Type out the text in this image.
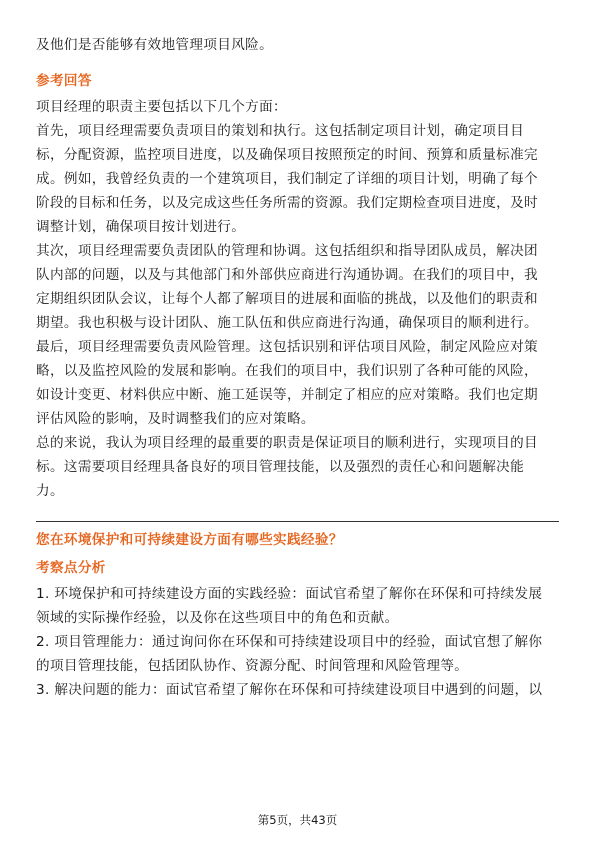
及他们是否能够有效地管理项目风险。

参考回答

项目经理的职责主要包括以下几个方面：

首先，项目经理需要负责项目的策划和执行。这包括制定项目计划，确定项目目

标，分配资源，监控项目进度，以及确保项目按照预定的时间、预算和质量标准完

成。例如，我曾经负责的一个建筑项目，我们制定了详细的项目计划，明确了每个

阶段的目标和任务，以及完成这些任务所需的资源。我们定期检查项目进度，及时

调整计划，确保项目按计划进行。

其次，项目经理需要负责团队的管理和协调。这包括组织和指导团队成员，解决团

队内部的问题，以及与其他部门和外部供应商进行沟通协调。在我们的项目中，我

定期组织团队会议，让每个人都了解项目的进展和面临的挑战，以及他们的职责和

期望。我也积极与设计团队、施工队伍和供应商进行沟通，确保项目的顺利进行。

最后，项目经理需要负责风险管理。这包括识别和评估项目风险，制定风险应对策

略，以及监控风险的发展和影响。在我们的项目中，我们识别了各种可能的风险，

如设计变更、材料供应中断、施工延误等，并制定了相应的应对策略。我们也定期

评估风险的影响，及时调整我们的应对策略。

总的来说，我认为项目经理的最重要的职责是保证项目的顺利进行，实现项目的目

标。这需要项目经理具备良好的项目管理技能，以及强烈的责任心和问题解决能

力。

您在环境保护和可持续建设方面有哪些实践经验？

考察点分析

1. 环境保护和可持续建设方面的实践经验：面试官希望了解你在环保和可持续发展

领域的实际操作经验，以及你在这些项目中的角色和贡献。

2. 项目管理能力：通过询问你在环保和可持续建设项目中的经验，面试官想了解你

的项目管理技能，包括团队协作、资源分配、时间管理和风险管理等。

3. 解决问题的能力：面试官希望了解你在环保和可持续建设项目中遇到的问题，以

第5页，共43页
